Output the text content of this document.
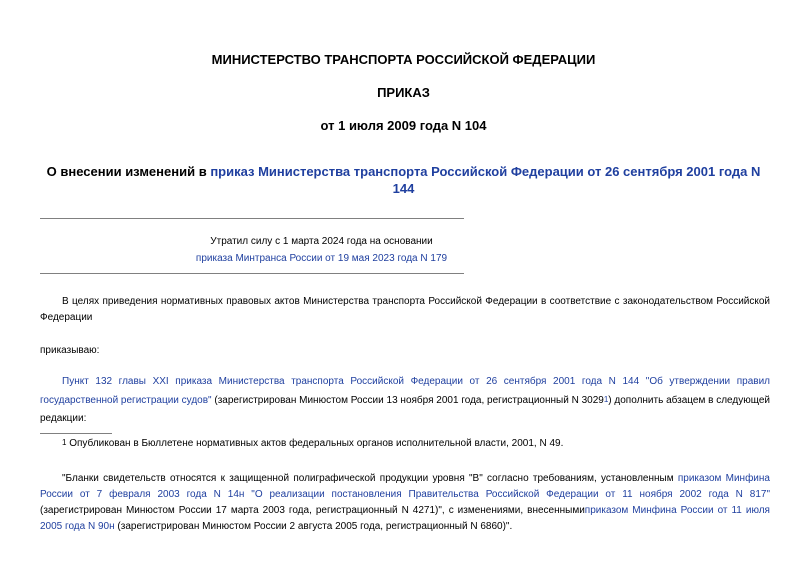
МИНИСТЕРСТВО ТРАНСПОРТА РОССИЙСКОЙ ФЕДЕРАЦИИ
ПРИКАЗ
от 1 июля 2009 года N 104
О внесении изменений в приказ Министерства транспорта Российской Федерации от 26 сентября 2001 года N 144
Утратил силу с 1 марта 2024 года на основании
приказа Минтранса России от 19 мая 2023 года N 179
В целях приведения нормативных правовых актов Министерства транспорта Российской Федерации в соответствие с законодательством Российской Федерации
приказываю:
Пункт 132 главы XXI приказа Министерства транспорта Российской Федерации от 26 сентября 2001 года N 144 "Об утверждении правил государственной регистрации судов" (зарегистрирован Минюстом России 13 ноября 2001 года, регистрационный N 30291) дополнить абзацем в следующей редакции:
1 Опубликован в Бюллетене нормативных актов федеральных органов исполнительной власти, 2001, N 49.
"Бланки свидетельств относятся к защищенной полиграфической продукции уровня "В" согласно требованиям, установленным приказом Минфина России от 7 февраля 2003 года N 14н "О реализации постановления Правительства Российской Федерации от 11 ноября 2002 года N 817" (зарегистрирован Минюстом России 17 марта 2003 года, регистрационный N 4271)", с изменениями, внесеннымиприказом Минфина России от 11 июля 2005 года N 90н (зарегистрирован Минюстом России 2 августа 2005 года, регистрационный N 6860)".
